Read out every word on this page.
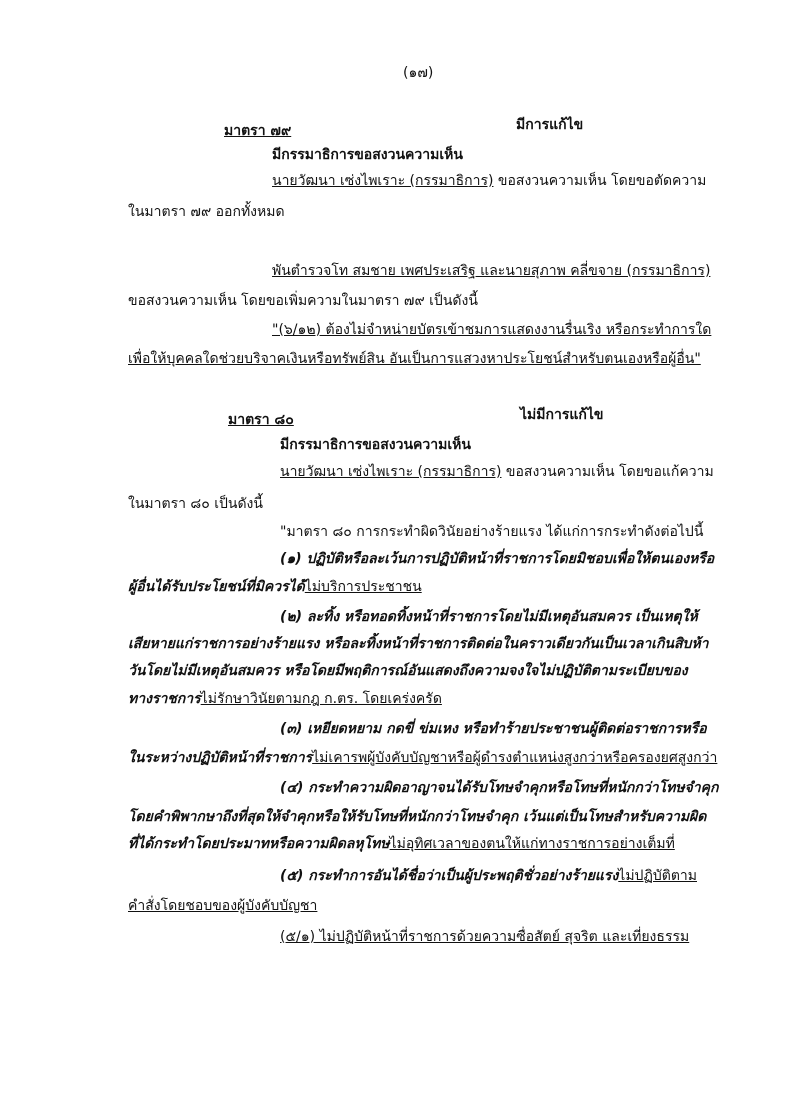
(๑๗)
มาตรา ๗๙	มีการแก้ไข
มีกรรมาธิการขอสงวนความเห็น
นายวัฒนา เซ่งไพเราะ (กรรมาธิการ) ขอสงวนความเห็น โดยขอตัดความ
ในมาตรา ๗๙ ออกทั้งหมด
พันตำรวจโท สมชาย เพศประเสริฐ และนายสุภาพ คลี่ขจาย (กรรมาธิการ)
ขอสงวนความเห็น โดยขอเพิ่มความในมาตรา ๗๙ เป็นดังนี้
"(๖/๑๒) ต้องไม่จำหน่ายบัตรเข้าชมการแสดงงานรื่นเริง หรือกระทำการใด
เพื่อให้บุคคลใดช่วยบริจาคเงินหรือทรัพย์สิน อันเป็นการแสวงหาประโยชน์สำหรับตนเองหรือผู้อื่น"
มาตรา ๘๐	ไม่มีการแก้ไข
มีกรรมาธิการขอสงวนความเห็น
นายวัฒนา เซ่งไพเราะ (กรรมาธิการ) ขอสงวนความเห็น โดยขอแก้ความ
ในมาตรา ๘๐ เป็นดังนี้
"มาตรา ๘๐ การกระทำผิดวินัยอย่างร้ายแรง ได้แก่การกระทำดังต่อไปนี้
(๑) ปฏิบัติหรือละเว้นการปฏิบัติหน้าที่ราชการโดยมิชอบเพื่อให้ตนเองหรือ
ผู้อื่นได้รับประโยชน์ที่มิควรได้ไม่บริการประชาชน
(๒) ละทิ้ง หรือทอดทิ้งหน้าที่ราชการโดยไม่มีเหตุอันสมควร เป็นเหตุให้
เสียหายแก่ราชการอย่างร้ายแรง หรือละทิ้งหน้าที่ราชการติดต่อในคราวเดียวกันเป็นเวลาเกินสิบห้า
วันโดยไม่มีเหตุอันสมควร หรือโดยมีพฤติการณ์อันแสดงถึงความจงใจไม่ปฏิบัติตามระเบียบของ
ทางราชการไม่รักษาวินัยตามกฎ ก.ตร. โดยเคร่งครัด
(๓) เหยียดหยาม กดขี่ ข่มเหง หรือทำร้ายประชาชนผู้ติดต่อราชการหรือ
ในระหว่างปฏิบัติหน้าที่ราชการไม่เคารพผู้บังคับบัญชาหรือผู้ดำรงตำแหน่งสูงกว่าหรือครองยศสูงกว่า
(๔) กระทำความผิดอาญาจนได้รับโทษจำคุกหรือโทษที่หนักกว่าโทษจำคุก
โดยคำพิพากษาถึงที่สุดให้จำคุกหรือให้รับโทษที่หนักกว่าโทษจำคุก เว้นแต่เป็นโทษสำหรับความผิด
ที่ได้กระทำโดยประมาทหรือความผิดลหุโทษไม่อุทิศเวลาของตนให้แก่ทางราชการอย่างเต็มที่
(๕) กระทำการอันได้ชื่อว่าเป็นผู้ประพฤติชั่วอย่างร้ายแรงไม่ปฏิบัติตาม
คำสั่งโดยชอบของผู้บังคับบัญชา
(๕/๑) ไม่ปฏิบัติหน้าที่ราชการด้วยความซื่อสัตย์ สุจริต และเที่ยงธรรม
